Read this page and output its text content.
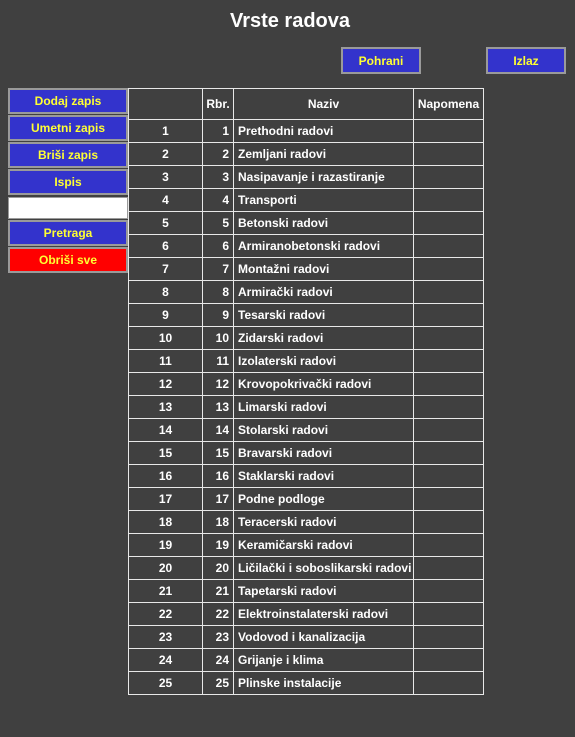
Vrste radova
Pohrani	Izlaz
Dodaj zapis
Umetni zapis
Briši zapis
Ispis
Pretraga
Obriši sve
	Rbr.	Naziv	Napomena
1	1	Prethodni radovi	
2	2	Zemljani radovi	
3	3	Nasipavanje i razastiranje	
4	4	Transporti	
5	5	Betonski radovi	
6	6	Armiranobetonski radovi	
7	7	Montažni radovi	
8	8	Armirački radovi	
9	9	Tesarski radovi	
10	10	Zidarski radovi	
11	11	Izolaterski radovi	
12	12	Krovopokrivački radovi	
13	13	Limarski radovi	
14	14	Stolarski radovi	
15	15	Bravarski radovi	
16	16	Staklarski radovi	
17	17	Podne podloge	
18	18	Teracerski radovi	
19	19	Keramičarski radovi	
20	20	Ličilački i soboslikarski radovi	
21	21	Tapetarski radovi	
22	22	Elektroinstalaterski radovi	
23	23	Vodovod i kanalizacija	
24	24	Grijanje i klima	
25	25	Plinske instalacije	
